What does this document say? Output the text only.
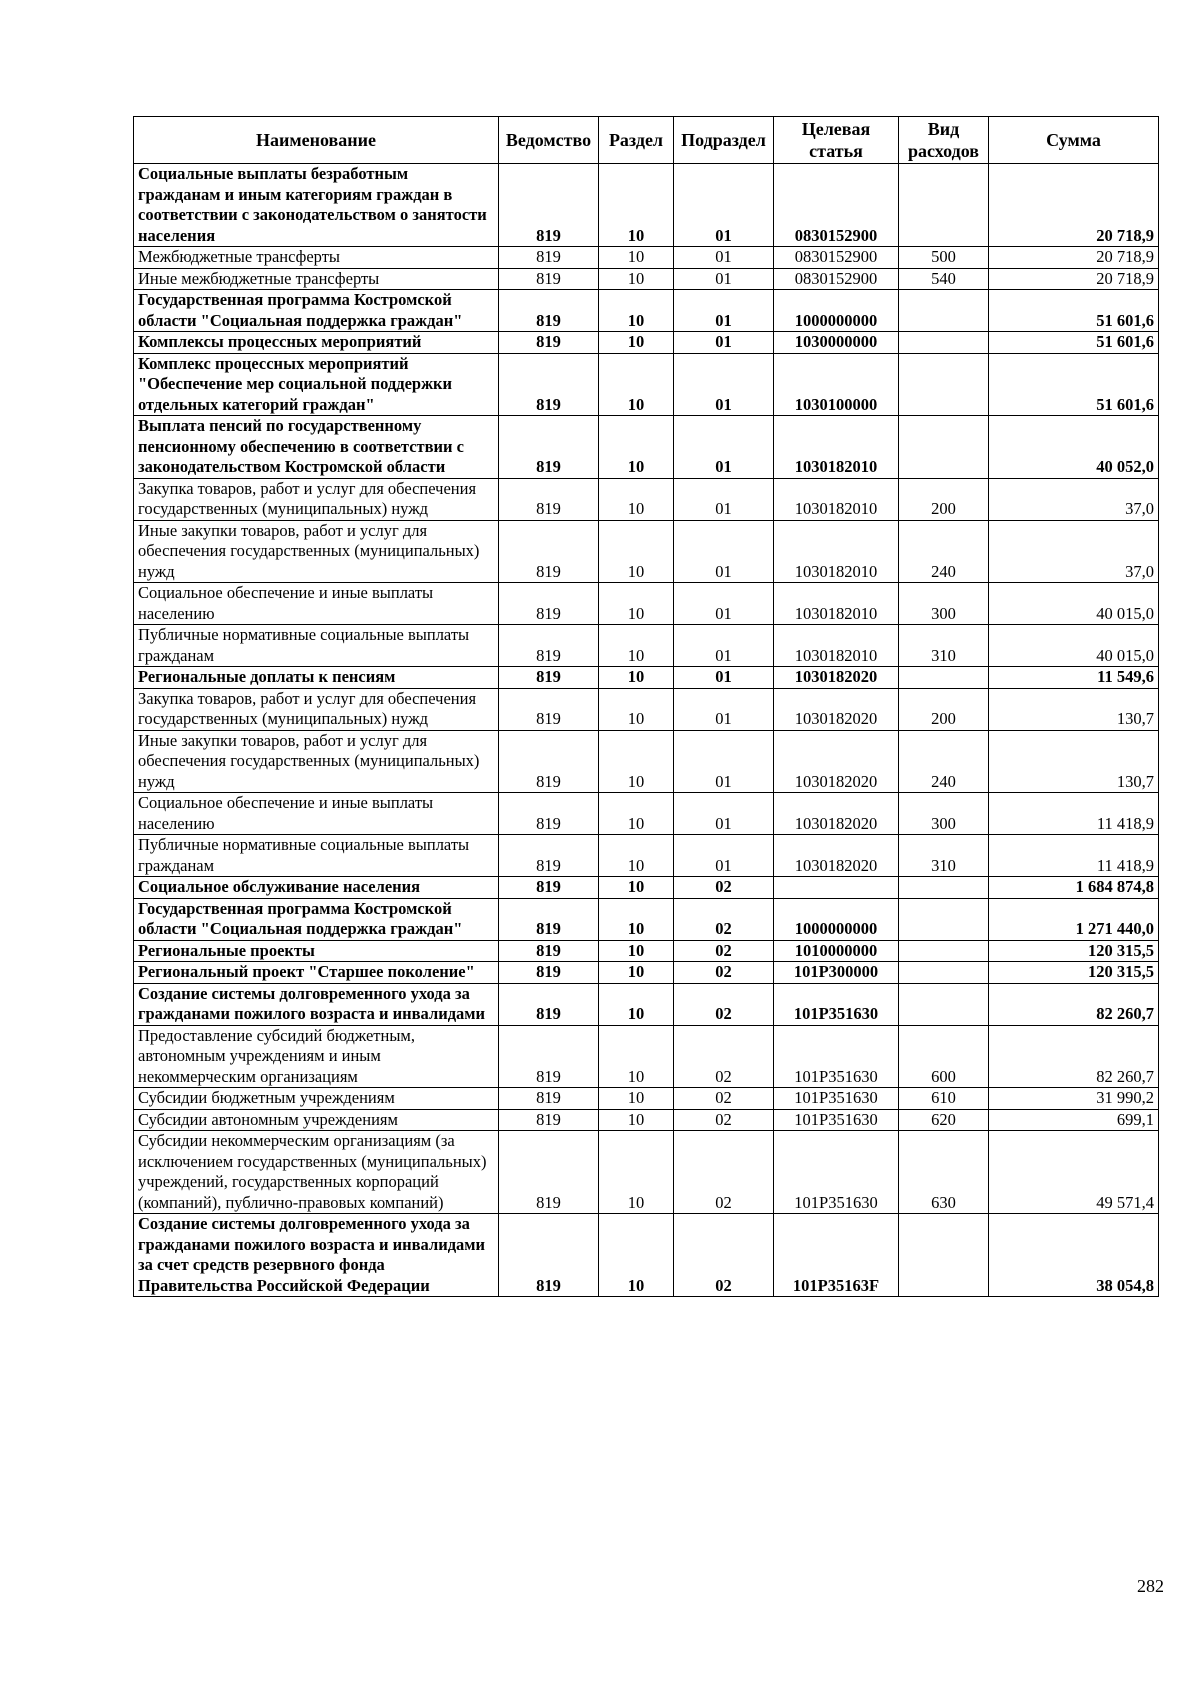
Наименование	Ведомство	Раздел	Подраздел	Целевая статья	Вид расходов	Сумма
Социальные выплаты безработным гражданам и иным категориям граждан в соответствии с законодательством о занятости населения	819	10	01	0830152900		20 718,9
Межбюджетные трансферты	819	10	01	0830152900	500	20 718,9
Иные межбюджетные трансферты	819	10	01	0830152900	540	20 718,9
Государственная программа Костромской области "Социальная поддержка граждан"	819	10	01	1000000000		51 601,6
Комплексы процессных мероприятий	819	10	01	1030000000		51 601,6
Комплекс процессных мероприятий "Обеспечение мер социальной поддержки отдельных категорий граждан"	819	10	01	1030100000		51 601,6
Выплата пенсий по государственному пенсионному обеспечению в соответствии с законодательством Костромской области	819	10	01	1030182010		40 052,0
Закупка товаров, работ и услуг для обеспечения государственных (муниципальных) нужд	819	10	01	1030182010	200	37,0
Иные закупки товаров, работ и услуг для обеспечения государственных (муниципальных) нужд	819	10	01	1030182010	240	37,0
Социальное обеспечение и иные выплаты населению	819	10	01	1030182010	300	40 015,0
Публичные нормативные социальные выплаты гражданам	819	10	01	1030182010	310	40 015,0
Региональные доплаты к пенсиям	819	10	01	1030182020		11 549,6
Закупка товаров, работ и услуг для обеспечения государственных (муниципальных) нужд	819	10	01	1030182020	200	130,7
Иные закупки товаров, работ и услуг для обеспечения государственных (муниципальных) нужд	819	10	01	1030182020	240	130,7
Социальное обеспечение и иные выплаты населению	819	10	01	1030182020	300	11 418,9
Публичные нормативные социальные выплаты гражданам	819	10	01	1030182020	310	11 418,9
Социальное обслуживание населения	819	10	02			1 684 874,8
Государственная программа Костромской области "Социальная поддержка граждан"	819	10	02	1000000000		1 271 440,0
Региональные проекты	819	10	02	1010000000		120 315,5
Региональный проект "Старшее поколение"	819	10	02	101P300000		120 315,5
Создание системы долговременного ухода за гражданами пожилого возраста и инвалидами	819	10	02	101P351630		82 260,7
Предоставление субсидий бюджетным, автономным учреждениям и иным некоммерческим организациям	819	10	02	101P351630	600	82 260,7
Субсидии бюджетным учреждениям	819	10	02	101P351630	610	31 990,2
Субсидии автономным учреждениям	819	10	02	101P351630	620	699,1
Субсидии некоммерческим организациям (за исключением государственных (муниципальных) учреждений, государственных корпораций (компаний), публично-правовых компаний)	819	10	02	101P351630	630	49 571,4
Создание системы долговременного ухода за гражданами пожилого возраста и инвалидами за счет средств резервного фонда Правительства Российской Федерации	819	10	02	101P35163F		38 054,8
282
